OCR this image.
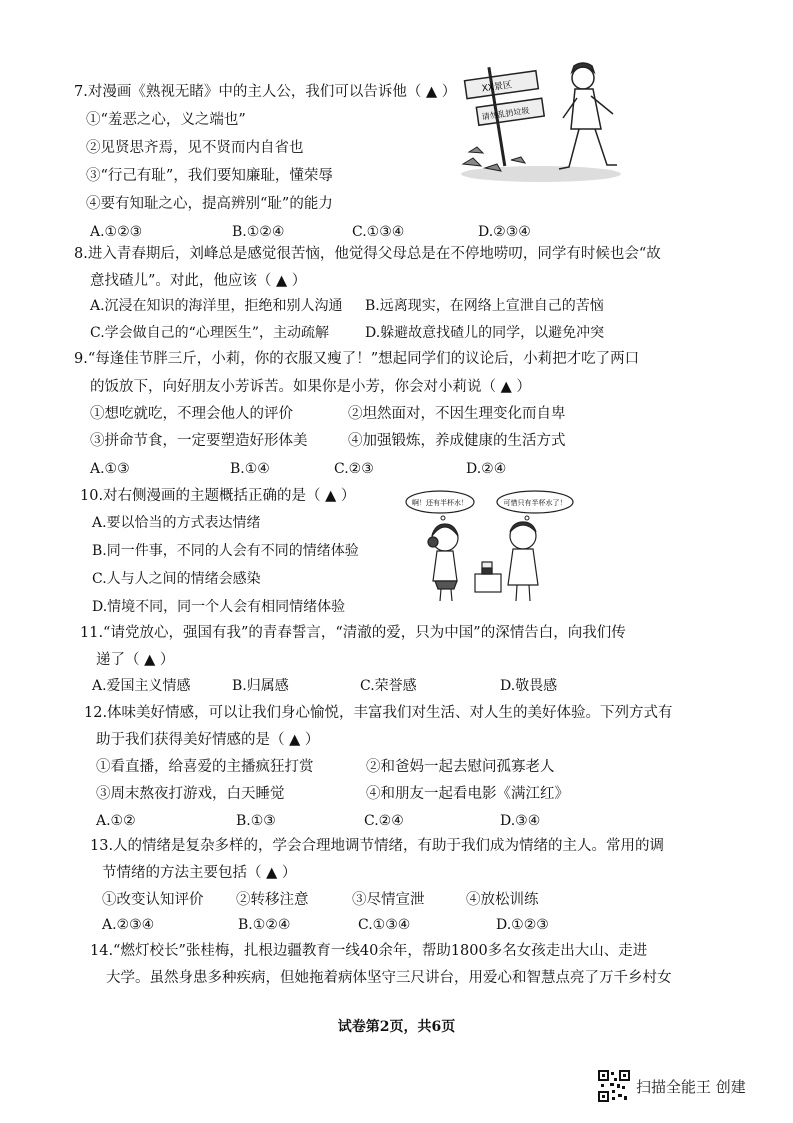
7.对漫画《熟视无睹》中的主人公，我们可以告诉他（ ▲ ）
①“羞恶之心，义之端也”
②见贤思齐焉，见不贤而内自省也
③“行己有耻”，我们要知廉耻，懂荣辱
④要有知耻之心，提高辨别“耻”的能力
A.①②③	B.①②④	C.①③④	D.②③④
XX景区
请勿乱扔垃圾
8.进入青春期后，刘峰总是感觉很苦恼，他觉得父母总是在不停地唠叨，同学有时候也会“故
意找碴儿”。对此，他应该（ ▲ ）
A.沉浸在知识的海洋里，拒绝和别人沟通 B.远离现实，在网络上宣泄自己的苦恼
C.学会做自己的“心理医生”，主动疏解	D.躲避故意找碴儿的同学，以避免冲突
9.“每逢佳节胖三斤，小莉，你的衣服又瘦了！”想起同学们的议论后，小莉把才吃了两口
的饭放下，向好朋友小芳诉苦。如果你是小芳，你会对小莉说（ ▲ ）
①想吃就吃，不理会他人的评价	②坦然面对，不因生理变化而自卑
③拼命节食，一定要塑造好形体美	④加强锻炼，养成健康的生活方式
A.①③	B.①④	C.②③	D.②④
10.对右侧漫画的主题概括正确的是（ ▲ ）
A.要以恰当的方式表达情绪
B.同一件事，不同的人会有不同的情绪体验
C.人与人之间的情绪会感染
D.情境不同，同一个人会有相同情绪体验
啊！还有半杯水！	可惜只有半杯水了！
11.“请党放心，强国有我”的青春誓言，“清澈的爱，只为中国”的深情告白，向我们传
递了（ ▲ ）
A.爱国主义情感	B.归属感	C.荣誉感	D.敬畏感
12.体味美好情感，可以让我们身心愉悦，丰富我们对生活、对人生的美好体验。下列方式有
助于我们获得美好情感的是（ ▲ ）
①看直播，给喜爱的主播疯狂打赏	②和爸妈一起去慰问孤寡老人
③周末熬夜打游戏，白天睡觉	④和朋友一起看电影《满江红》
A.①②	B.①③	C.②④	D.③④
13.人的情绪是复杂多样的，学会合理地调节情绪，有助于我们成为情绪的主人。常用的调
节情绪的方法主要包括（ ▲ ）
①改变认知评价 ②转移注意	③尽情宣泄	④放松训练
A.②③④	B.①②④	C.①③④	D.①②③
14.“燃灯校长”张桂梅，扎根边疆教育一线40余年，帮助1800多名女孩走出大山、走进
大学。虽然身患多种疾病，但她拖着病体坚守三尺讲台，用爱心和智慧点亮了万千乡村女
试卷第2页，共6页
扫描全能王 创建
